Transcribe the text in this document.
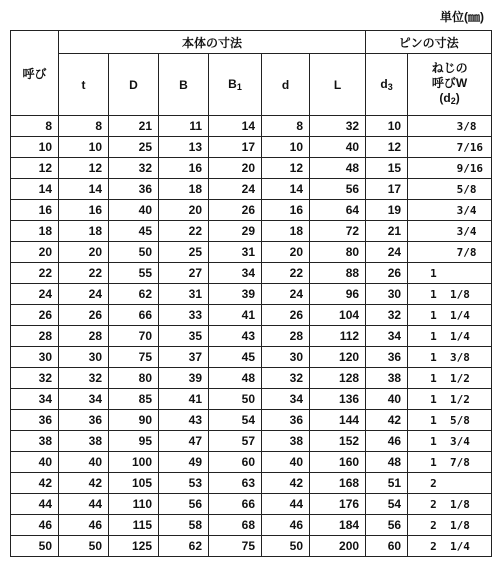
単位(㎜)
呼び	本体の寸法						ピンの寸法	
	t	D	B	B1	d	L	d3	ねじの
呼びW
(d2)

8	8	21	11	14	8	32	10	3/8
10	10	25	13	17	10	40	12	7/16
12	12	32	16	20	12	48	15	9/16
14	14	36	18	24	14	56	17	5/8
16	16	40	20	26	16	64	19	3/4
18	18	45	22	29	18	72	21	3/4
20	20	50	25	31	20	80	24	7/8
22	22	55	27	34	22	88	26	1
24	24	62	31	39	24	96	30	1  1/8
26	26	66	33	41	26	104	32	1  1/4
28	28	70	35	43	28	112	34	1  1/4
30	30	75	37	45	30	120	36	1  3/8
32	32	80	39	48	32	128	38	1  1/2
34	34	85	41	50	34	136	40	1  1/2
36	36	90	43	54	36	144	42	1  5/8
38	38	95	47	57	38	152	46	1  3/4
40	40	100	49	60	40	160	48	1  7/8
42	42	105	53	63	42	168	51	2
44	44	110	56	66	44	176	54	2  1/8
46	46	115	58	68	46	184	56	2  1/8
50	50	125	62	75	50	200	60	2  1/4
